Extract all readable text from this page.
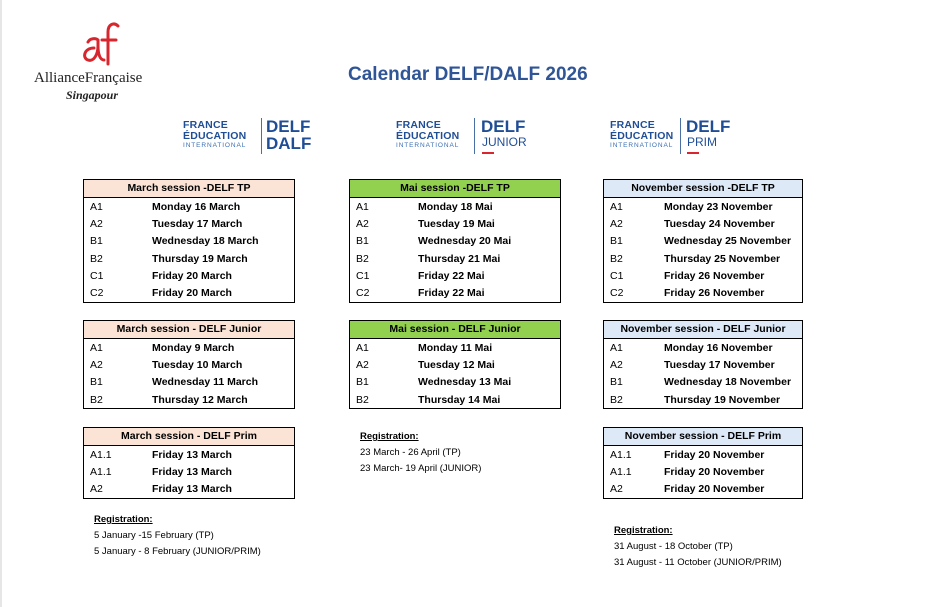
AllianceFrançaise
Singapour
Calendar DELF/DALF 2026
FRANCE
ÉDUCATION
INTERNATIONAL
DELF
DALF
FRANCE
ÉDUCATION
INTERNATIONAL
DELF
JUNIOR
FRANCE
ÉDUCATION
INTERNATIONAL
DELF
PRIM
March session -DELF TP
A1	Monday 16 March
A2	Tuesday 17 March
B1	Wednesday 18 March
B2	Thursday 19 March
C1	Friday 20 March
C2	Friday 20 March
Mai session -DELF TP
A1	Monday 18 Mai
A2	Tuesday 19 Mai
B1	Wednesday 20 Mai
B2	Thursday 21 Mai
C1	Friday 22 Mai
C2	Friday 22 Mai
November session -DELF TP
A1	Monday 23 November
A2	Tuesday 24 November
B1	Wednesday 25 November
B2	Thursday 25 November
C1	Friday 26 November
C2	Friday 26 November
March session - DELF Junior
A1	Monday 9 March
A2	Tuesday 10 March
B1	Wednesday 11 March
B2	Thursday 12 March
Mai session - DELF Junior
A1	Monday 11 Mai
A2	Tuesday 12 Mai
B1	Wednesday 13 Mai
B2	Thursday 14 Mai
November session - DELF Junior
A1	Monday 16 November
A2	Tuesday 17 November
B1	Wednesday 18 November
B2	Thursday 19 November
March session - DELF Prim
A1.1	Friday 13 March
A1.1	Friday 13 March
A2	Friday 13 March
November session - DELF Prim
A1.1	Friday 20 November
A1.1	Friday 20 November
A2	Friday 20 November
Registration:
5 January -15 February (TP)
5 January - 8 February (JUNIOR/PRIM)
Registration:
23 March - 26 April (TP)
23 March- 19 April (JUNIOR)
Registration:
31 August - 18 October (TP)
31 August - 11 October (JUNIOR/PRIM)
